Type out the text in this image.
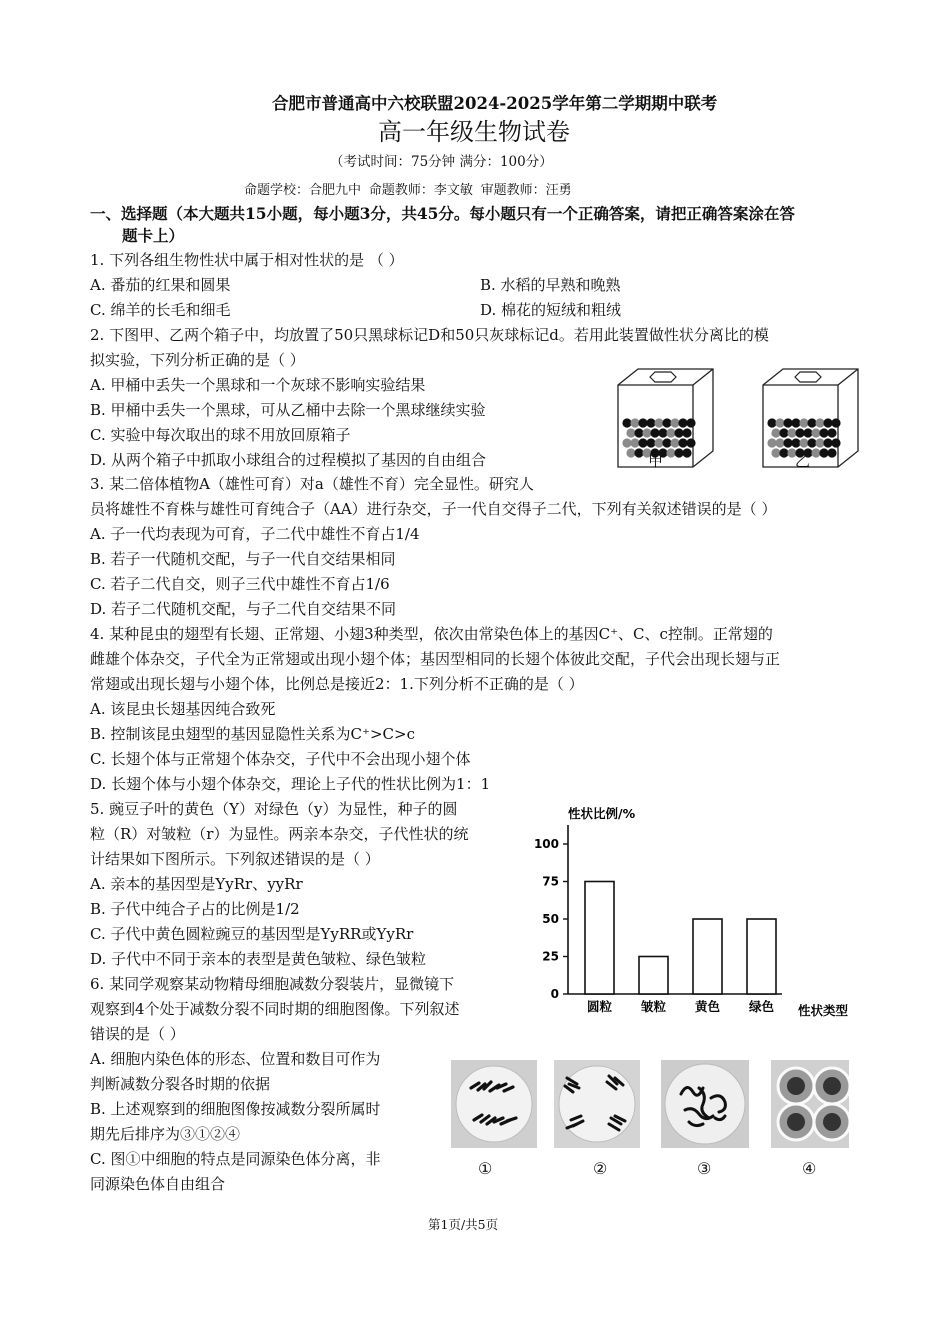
合肥市普通高中六校联盟2024-2025学年第二学期期中联考
高一年级生物试卷
（考试时间：75分钟 满分：100分）
命题学校：合肥九中 命题教师：李文敏 审题教师：汪勇
一、选择题（本大题共15小题，每小题3分，共45分。每小题只有一个正确答案，请把正确答案涂在答
题卡上）
1. 下列各组生物性状中属于相对性状的是 （ ）
A. 番茄的红果和圆果	B. 水稻的早熟和晚熟
C. 绵羊的长毛和细毛	D. 棉花的短绒和粗绒
2. 下图甲、乙两个箱子中，均放置了50只黑球标记D和50只灰球标记d。若用此装置做性状分离比的模
拟实验，下列分析正确的是（ ）
A. 甲桶中丢失一个黑球和一个灰球不影响实验结果
B. 甲桶中丢失一个黑球，可从乙桶中去除一个黑球继续实验
C. 实验中每次取出的球不用放回原箱子
D. 从两个箱子中抓取小球组合的过程模拟了基因的自由组合	甲	乙
3. 某二倍体植物A（雄性可育）对a（雄性不育）完全显性。研究人
员将雄性不育株与雄性可育纯合子（AA）进行杂交，子一代自交得子二代，下列有关叙述错误的是（ ）
A. 子一代均表现为可育，子二代中雄性不育占1/4
B. 若子一代随机交配，与子一代自交结果相同
C. 若子二代自交，则子三代中雄性不育占1/6
D. 若子二代随机交配，与子二代自交结果不同
4. 某种昆虫的翅型有长翅、正常翅、小翅3种类型，依次由常染色体上的基因C⁺、C、c控制。正常翅的
雌雄个体杂交，子代全为正常翅或出现小翅个体；基因型相同的长翅个体彼此交配，子代会出现长翅与正
常翅或出现长翅与小翅个体，比例总是接近2：1.下列分析不正确的是（ ）
A. 该昆虫长翅基因纯合致死
B. 控制该昆虫翅型的基因显隐性关系为C⁺>C>c
C. 长翅个体与正常翅个体杂交，子代中不会出现小翅个体
D. 长翅个体与小翅个体杂交，理论上子代的性状比例为1：1
5. 豌豆子叶的黄色（Y）对绿色（y）为显性，种子的圆
粒（R）对皱粒（r）为显性。两亲本杂交，子代性状的统
计结果如下图所示。下列叙述错误的是（ ）
A. 亲本的基因型是YyRr、yyRr
B. 子代中纯合子占的比例是1/2
C. 子代中黄色圆粒豌豆的基因型是YyRR或YyRr
D. 子代中不同于亲本的表型是黄色皱粒、绿色皱粒
性状比例/%
100
75
50
25
0
圆粒 皱粒 黄色 绿色 性状类型
6. 某同学观察某动物精母细胞减数分裂装片，显微镜下
观察到4个处于减数分裂不同时期的细胞图像。下列叙述
错误的是（ ）
A. 细胞内染色体的形态、位置和数目可作为
判断减数分裂各时期的依据
B. 上述观察到的细胞图像按减数分裂所属时
期先后排序为③①②④
C. 图①中细胞的特点是同源染色体分离，非
同源染色体自由组合
①	②	③	④
第1页/共5页
